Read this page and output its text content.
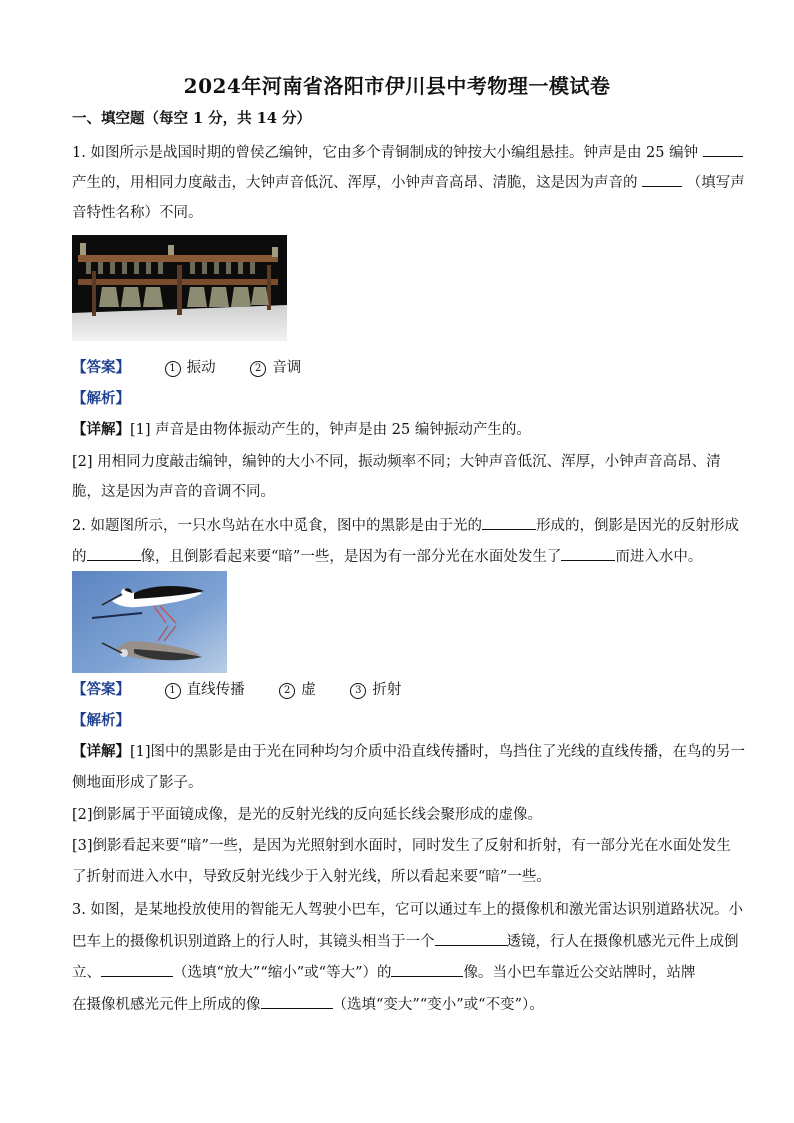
2024年河南省洛阳市伊川县中考物理一模试卷
一、填空题（每空 1 分，共 14 分）
1. 如图所示是战国时期的曾侯乙编钟，它由多个青铜制成的钟按大小编组悬挂。钟声是由 25 编钟
产生的，用相同力度敲击，大钟声音低沉、浑厚，小钟声音高昂、清脆，这是因为声音的	（填写声
音特性名称）不同。
【答案】	1 振动	2 音调
【解析】
【详解】[1] 声音是由物体振动产生的，钟声是由 25 编钟振动产生的。
[2] 用相同力度敲击编钟，编钟的大小不同，振动频率不同；大钟声音低沉、浑厚，小钟声音高昂、清
脆，这是因为声音的音调不同。
2. 如题图所示，一只水鸟站在水中觅食，图中的黑影是由于光的	形成的，倒影是因光的反射形成
的	像，且倒影看起来要“暗”一些，是因为有一部分光在水面处发生了	而进入水中。
【答案】	1 直线传播	2 虚	3 折射
【解析】
【详解】[1]图中的黑影是由于光在同种均匀介质中沿直线传播时，鸟挡住了光线的直线传播，在鸟的另一
侧地面形成了影子。
[2]倒影属于平面镜成像，是光的反射光线的反向延长线会聚形成的虚像。
[3]倒影看起来要“暗”一些，是因为光照射到水面时，同时发生了反射和折射，有一部分光在水面处发生
了折射而进入水中，导致反射光线少于入射光线，所以看起来要“暗”一些。
3. 如图，是某地投放使用的智能无人驾驶小巴车，它可以通过车上的摄像机和激光雷达识别道路状况。小
巴车上的摄像机识别道路上的行人时，其镜头相当于一个	透镜，行人在摄像机感光元件上成倒
立、	（选填“放大”“缩小”或“等大”）的	像。当小巴车靠近公交站牌时，站牌
在摄像机感光元件上所成的像	（选填“变大”“变小”或“不变”）。
